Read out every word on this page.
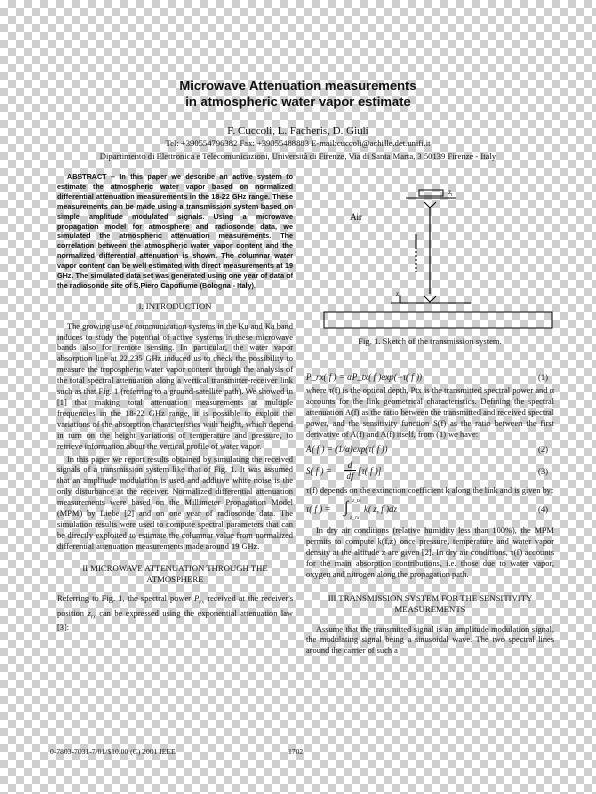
Microwave Attenuation measurements
in atmospheric water vapor estimate
F. Cuccoli, L. Facheris, D. Giuli
Tel: +390554796382 Fax: +39055488883 E-mail:cuccoli@achille.det.unifi.it
Dipartimento di Elettronica e Telecomunicazioni, Università di Firenze, Via di Santa Marta, 3 50139 Firenze - Italy

ABSTRACT – In this paper we describe an active system to estimate the atmospheric water vapor based on normalized differential attenuation measurements in the 18-22 GHz range. These measurements can be made using a transmission system based on simple amplitude modulated signals. Using a microwave propagation model for atmosphere and radiosonde data, we simulated the atmospheric attenuation measurements. The correlation between the atmospheric water vapor content and the normalized differential attenuation is shown. The columnar water vapor content can be well estimated with direct measurements at 19 GHz. The simulated data set was generated using one year of data of the radiosonde site of S.Piero Capofiume (Bologna - Italy).

I. INTRODUCTION

The growing use of communication systems in the Ku and Ka band induces to study the potential of active systems in these microwave bands also for remote sensing. In particular, the water vapor absorption line at 22.235 GHz induced us to check the possibility to measure the tropospheric water vapor content through the analysis of the total spectral attenuation along a vertical transmitter-receiver link such as that Fig. 1 (referring to a ground-satellite path). We showed in [1] that making total attenuation measurements at multiple frequencies in the 18-22 GHz range, it is possible to exploit the variations of the absorption characteristics with height, which depend in turn on the height variations of temperature and pressure, to retrieve information about the vertical profile of water vapor.

In this paper we report results obtained by simulating the received signals of a transmission system like that of Fig. 1. It was assumed that an amplitude modulation is used and additive white noise is the only disturbance at the receiver. Normalized differential attenuation measurements were based on the Millimeter Propagation Model (MPM) by Liebe [2] and on one year of radiosonde data. The simulation results were used to compute spectral parameters that can be directly exploited to estimate the columnar value from normalized differential attenuation measurements made around 19 GHz.

II MICROWAVE ATTENUATION THROUGH THE
ATMOSPHERE

Referring to Fig. 1, the spectral power $P_{rx}$ received at the receiver's position $z_{rx}$ can be expressed using the exponential attenuation law [3]:

$z_t$
Air
$z_r$

Fig. 1. Sketch of the transmission system.

P_rx( f ) = αP_tx( f )exp(−τ( f ))	(1)

where τ(f) is the optical depth, Ptx is the transmitted spectral power and α accounts for the link geometrical characteristics. Defining the spectral attenuation A(f) as the ratio between the transmitted and received spectral power, and the sensitivity function S(f) as the ratio between the first derivative of A(f) and A(f) itself, from (1) we have:

A( f ) = (1/α)exp(τ( f ))	(2)
S( f ) = $\frac{d}{df} [\tau$( f )]	(3)

τ(f) depends on the extinction coefficient k along the link and is given by:

τ( f ) = ∫ z_tx
z_rx
k( z, f )dz	(4)

In dry air conditions (relative humidity less than 100%), the MPM permits to compute k(f,z) once pressure, temperature and water vapor density at the altitude z are given [2]. In dry air conditions, τ(f) accounts for the main absorption contributions, i.e. those due to water vapor, oxygen and nitrogen along the propagation path.

III TRANSMISSION SYSTEM FOR THE SENSITIVITY
MEASUREMENTS

Assume that the transmitted signal is an amplitude modulation signal, the modulating signal being a sinusoidal wave. The two spectral lines around the carrier of such a

0-7803-7031-7/01/$10.00 (C) 2001 IEEE	1702
